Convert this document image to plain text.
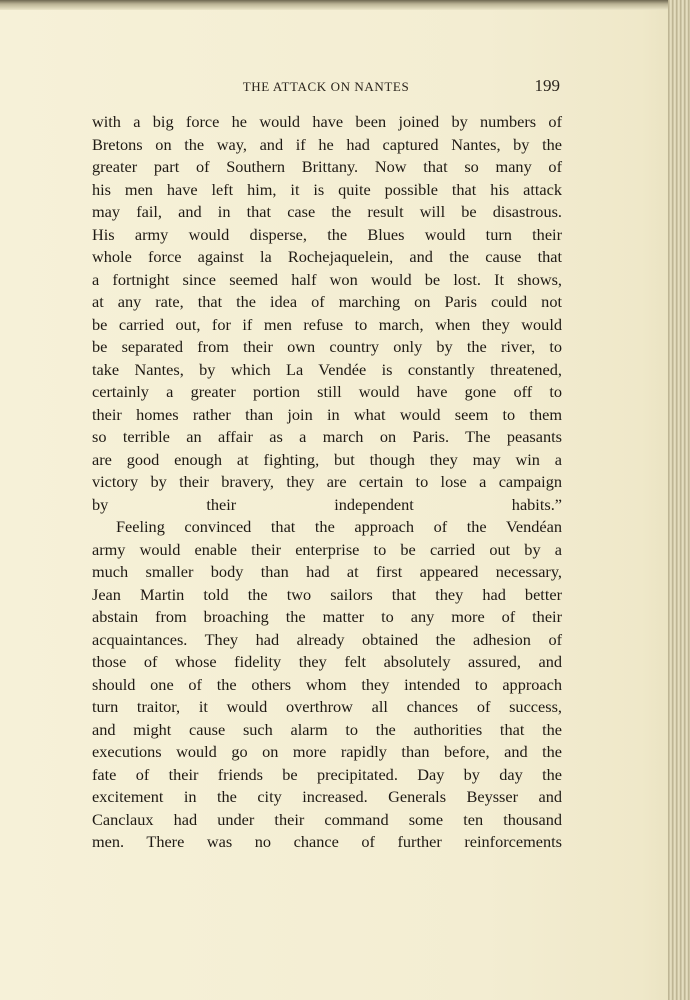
THE ATTACK ON NANTES	199
with a big force he would have been joined by numbers of
Bretons on the way, and if he had captured Nantes, by the
greater part of Southern Brittany. Now that so many of
his men have left him, it is quite possible that his attack
may fail, and in that case the result will be disastrous.
His army would disperse, the Blues would turn their
whole force against la Rochejaquelein, and the cause that
a fortnight since seemed half won would be lost. It shows,
at any rate, that the idea of marching on Paris could not
be carried out, for if men refuse to march, when they would
be separated from their own country only by the river, to
take Nantes, by which La Vendée is constantly threatened,
certainly a greater portion still would have gone off to
their homes rather than join in what would seem to them
so terrible an affair as a march on Paris. The peasants
are good enough at fighting, but though they may win a
victory by their bravery, they are certain to lose a campaign
by their independent habits.”
Feeling convinced that the approach of the Vendéan
army would enable their enterprise to be carried out by a
much smaller body than had at first appeared necessary,
Jean Martin told the two sailors that they had better
abstain from broaching the matter to any more of their
acquaintances. They had already obtained the adhesion of
those of whose fidelity they felt absolutely assured, and
should one of the others whom they intended to approach
turn traitor, it would overthrow all chances of success,
and might cause such alarm to the authorities that the
executions would go on more rapidly than before, and the
fate of their friends be precipitated. Day by day the
excitement in the city increased. Generals Beysser and
Canclaux had under their command some ten thousand
men. There was no chance of further reinforcements
